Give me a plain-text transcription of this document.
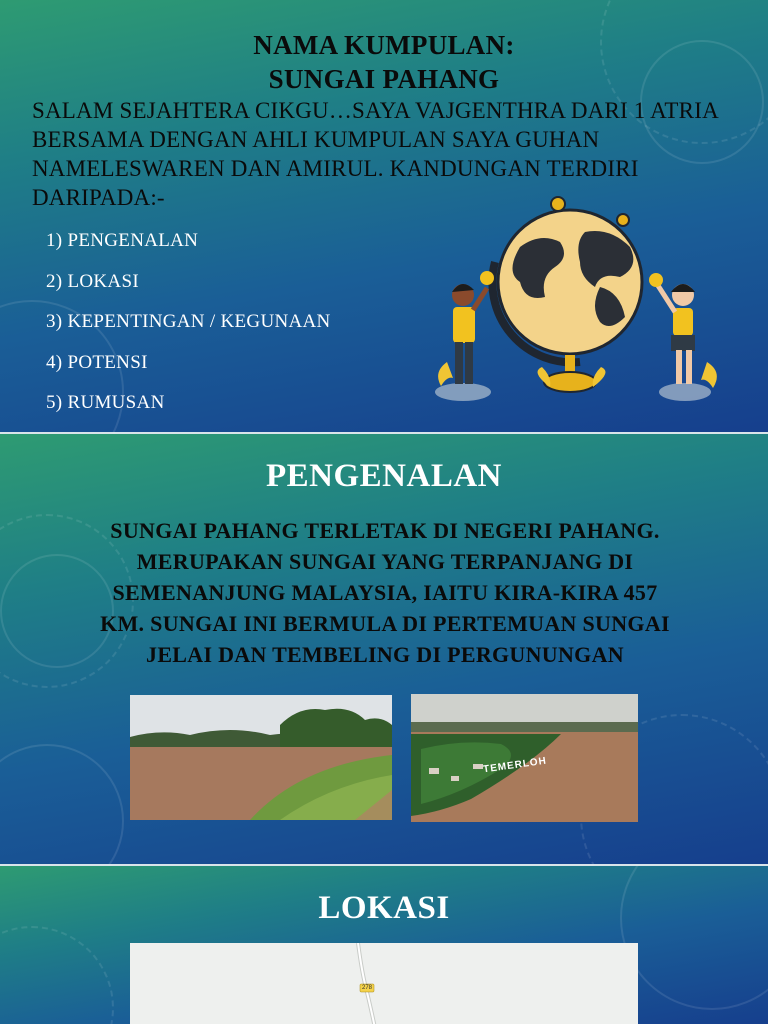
NAMA KUMPULAN:
SUNGAI PAHANG
SALAM SEJAHTERA CIKGU…SAYA VAJGENTHRA DARI 1 ATRIA BERSAMA DENGAN AHLI KUMPULAN SAYA GUHAN NAMELESWAREN DAN AMIRUL. KANDUNGAN TERDIRI DARIPADA:-
1) PENGENALAN
2) LOKASI
3) KEPENTINGAN / KEGUNAAN
4) POTENSI
5) RUMUSAN
PENGENALAN
SUNGAI PAHANG TERLETAK DI NEGERI PAHANG. MERUPAKAN SUNGAI YANG TERPANJANG DI SEMENANJUNG MALAYSIA, IAITU KIRA-KIRA 457 KM. SUNGAI INI BERMULA DI PERTEMUAN SUNGAI JELAI DAN TEMBELING DI PERGUNUNGAN
TEMERLOH
LOKASI
278
